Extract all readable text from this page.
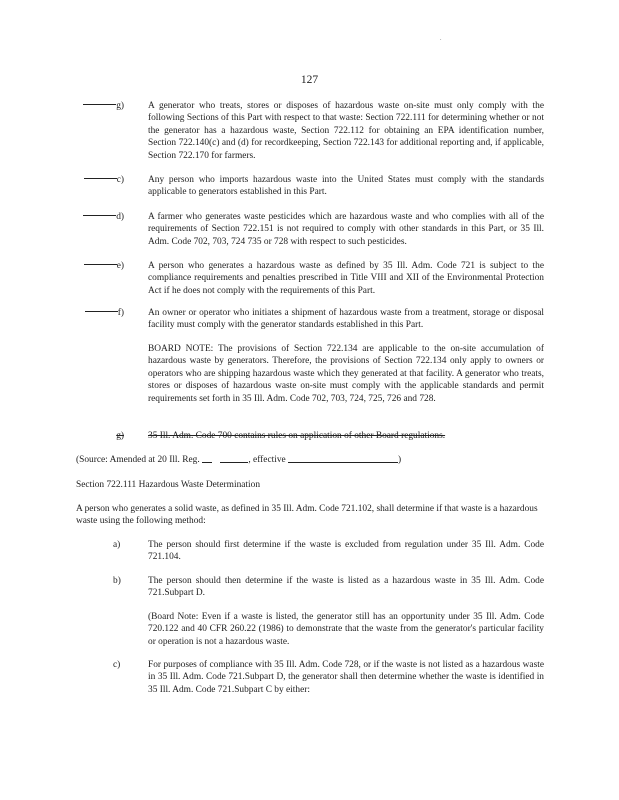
.
127
g)	A generator who treats, stores or disposes of hazardous waste on-site must only comply with the following Sections of this Part with respect to that waste: Section 722.111 for determining whether or not the generator has a hazardous waste, Section 722.112 for obtaining an EPA identification number, Section 722.140(c) and (d) for recordkeeping, Section 722.143 for additional reporting and, if applicable, Section 722.170 for farmers.
c)	Any person who imports hazardous waste into the United States must comply with the standards applicable to generators established in this Part.
d)	A farmer who generates waste pesticides which are hazardous waste and who complies with all of the requirements of Section 722.151 is not required to comply with other standards in this Part, or 35 Ill. Adm. Code 702, 703, 724 735 or 728 with respect to such pesticides.
e)	A person who generates a hazardous waste as defined by 35 Ill. Adm. Code 721 is subject to the compliance requirements and penalties prescribed in Title VIII and XII of the Environmental Protection Act if he does not comply with the requirements of this Part.
f)	An owner or operator who initiates a shipment of hazardous waste from a treatment, storage or disposal facility must comply with the generator standards established in this Part.
BOARD NOTE: The provisions of Section 722.134 are applicable to the on-site accumulation of hazardous waste by generators. Therefore, the provisions of Section 722.134 only apply to owners or operators who are shipping hazardous waste which they generated at that facility. A generator who treats, stores or disposes of hazardous waste on-site must comply with the applicable standards and permit requirements set forth in 35 Ill. Adm. Code 702, 703, 724, 725, 726 and 728.
g)	35 Ill. Adm. Code 700 contains rules on application of other Board regulations.
(Source: Amended at 20 Ill. Reg.	, effective	)
Section 722.111 Hazardous Waste Determination
A person who generates a solid waste, as defined in 35 Ill. Adm. Code 721.102, shall determine if that waste is a hazardous waste using the following method:
a)	The person should first determine if the waste is excluded from regulation under 35 Ill. Adm. Code 721.104.
b)	The person should then determine if the waste is listed as a hazardous waste in 35 Ill. Adm. Code 721.Subpart D.
(Board Note: Even if a waste is listed, the generator still has an opportunity under 35 Ill. Adm. Code 720.122 and 40 CFR 260.22 (1986) to demonstrate that the waste from the generator's particular facility or operation is not a hazardous waste.
c)	For purposes of compliance with 35 Ill. Adm. Code 728, or if the waste is not listed as a hazardous waste in 35 Ill. Adm. Code 721.Subpart D, the generator shall then determine whether the waste is identified in 35 Ill. Adm. Code 721.Subpart C by either:
